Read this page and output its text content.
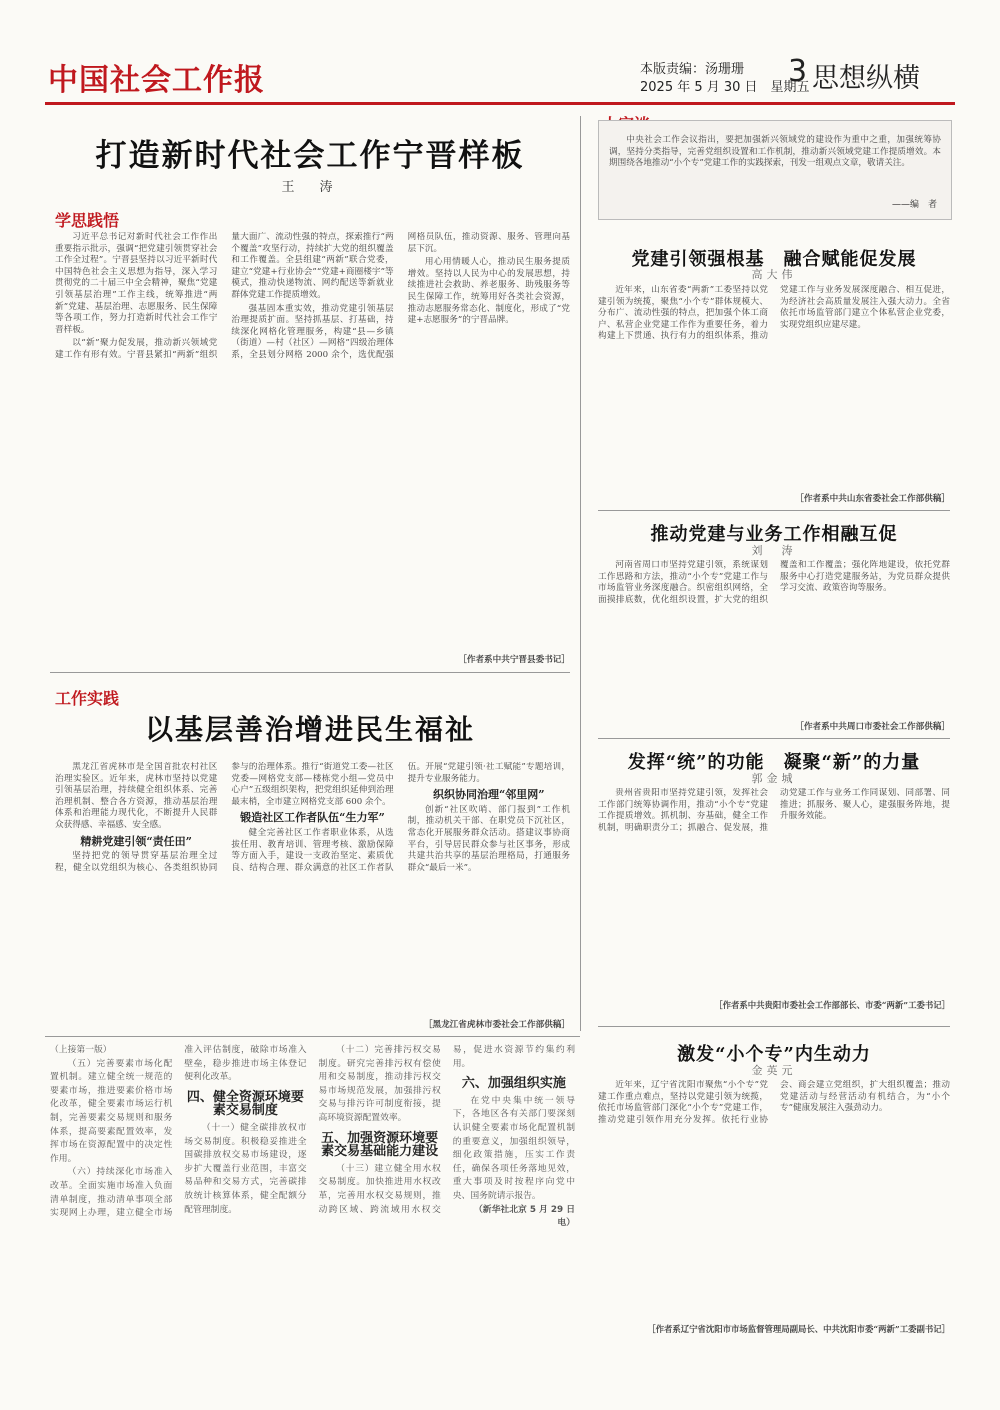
中国社会工作报	本版责编：汤珊珊
2025 年 5 月 30 日　星期五
3 思想纵横
打造新时代社会工作宁晋样板
王　涛
学思践悟

习近平总书记对新时代社会工作作出重要指示批示，强调“把党建引领贯穿社会工作全过程”。宁晋县坚持以习近平新时代中国特色社会主义思想为指导，深入学习贯彻党的二十届三中全会精神，聚焦“党建引领基层治理”工作主线，统筹推进“两新”党建、基层治理、志愿服务、民生保障等各项工作，努力打造新时代社会工作宁晋样板。

以“新”聚力促发展，推动新兴领域党建工作有形有效。宁晋县紧扣“两新”组织量大面广、流动性强的特点，探索推行“两个覆盖”攻坚行动，持续扩大党的组织覆盖和工作覆盖。全县组建“两新”联合党委，建立“党建+行业协会”“党建+商圈楼宇”等模式，推动快递物流、网约配送等新就业群体党建工作提质增效。

强基固本重实效，推动党建引领基层治理提质扩面。坚持抓基层、打基础，持续深化网格化管理服务，构建“县—乡镇（街道）—村（社区）—网格”四级治理体系，全县划分网格 2000 余个，选优配强网格员队伍，推动资源、服务、管理向基层下沉。

用心用情暖人心，推动民生服务提质增效。坚持以人民为中心的发展思想，持续推进社会救助、养老服务、助残服务等民生保障工作，统筹用好各类社会资源，推动志愿服务常态化、制度化，形成了“党建+志愿服务”的宁晋品牌。

［作者系中共宁晋县委书记］
工作实践
以基层善治增进民生福祉

黑龙江省虎林市是全国首批农村社区治理实验区。近年来，虎林市坚持以党建引领基层治理，持续健全组织体系、完善治理机制、整合各方资源，推动基层治理体系和治理能力现代化，不断提升人民群众获得感、幸福感、安全感。

精耕党建引领“责任田”

坚持把党的领导贯穿基层治理全过程，健全以党组织为核心、各类组织协同参与的治理体系。推行“街道党工委—社区党委—网格党支部—楼栋党小组—党员中心户”五级组织架构，把党组织延伸到治理最末梢，全市建立网格党支部 600 余个。

锻造社区工作者队伍“生力军”

健全完善社区工作者职业体系，从选拔任用、教育培训、管理考核、激励保障等方面入手，建设一支政治坚定、素质优良、结构合理、群众满意的社区工作者队伍。开展“党建引领·社工赋能”专题培训，提升专业服务能力。

织织协同治理“邻里网”

创新“社区吹哨、部门报到”工作机制，推动机关干部、在职党员下沉社区，常态化开展服务群众活动。搭建议事协商平台，引导居民群众参与社区事务，形成共建共治共享的基层治理格局，打通服务群众“最后一米”。

［黑龙江省虎林市委社会工作部供稿］

中央社会工作会议指出，要把加强新兴领域党的建设作为重中之重，加强统筹协调，坚持分类指导，完善党组织设置和工作机制，推动新兴领域党建工作提质增效。本期围绕各地推动“小个专”党建工作的实践探索，刊发一组观点文章，敬请关注。

——编　者
党建引领强根基　融合赋能促发展
高大伟

近年来，山东省委“两新”工委坚持以党建引领为统揽，聚焦“小个专”群体规模大、分布广、流动性强的特点，把加强个体工商户、私营企业党建工作作为重要任务，着力构建上下贯通、执行有力的组织体系，推动党建工作与业务发展深度融合、相互促进，为经济社会高质量发展注入强大动力。全省依托市场监管部门建立个体私营企业党委，实现党组织应建尽建。

［作者系中共山东省委社会工作部供稿］
推动党建与业务工作相融互促
刘　涛

河南省周口市坚持党建引领，系统谋划工作思路和方法，推动“小个专”党建工作与市场监管业务深度融合。织密组织网络，全面摸排底数，优化组织设置，扩大党的组织覆盖和工作覆盖；强化阵地建设，依托党群服务中心打造党建服务站，为党员群众提供学习交流、政策咨询等服务。

［作者系中共周口市委社会工作部供稿］
发挥“统”的功能　凝聚“新”的力量
郭金城

贵州省贵阳市坚持党建引领，发挥社会工作部门统筹协调作用，推动“小个专”党建工作提质增效。抓机制、夯基础，健全工作机制，明确职责分工；抓融合、促发展，推动党建工作与业务工作同谋划、同部署、同推进；抓服务、聚人心，建强服务阵地，提升服务效能。

［作者系中共贵阳市委社会工作部部长、市委“两新”工委书记］
激发“小个专”内生动力
金英元

近年来，辽宁省沈阳市聚焦“小个专”党建工作重点难点，坚持以党建引领为统揽，依托市场监管部门深化“小个专”党建工作，推动党建引领作用充分发挥。依托行业协会、商会建立党组织，扩大组织覆盖；推动党建活动与经营活动有机结合，为“小个专”健康发展注入强劲动力。

［作者系辽宁省沈阳市市场监督管理局副局长、中共沈阳市委“两新”工委副书记］

（上接第一版）

（五）完善要素市场化配置机制。建立健全统一规范的要素市场，推进要素价格市场化改革，健全要素市场运行机制，完善要素交易规则和服务体系，提高要素配置效率，发挥市场在资源配置中的决定性作用。

（六）持续深化市场准入改革。全面实施市场准入负面清单制度，推动清单事项全部实现网上办理，建立健全市场准入评估制度，破除市场准入壁垒，稳步推进市场主体登记便利化改革。

四、健全资源环境要素交易制度

（十一）健全碳排放权市场交易制度。积极稳妥推进全国碳排放权交易市场建设，逐步扩大覆盖行业范围，丰富交易品种和交易方式，完善碳排放统计核算体系，健全配额分配管理制度。

（十二）完善排污权交易制度。研究完善排污权有偿使用和交易制度，推动排污权交易市场规范发展，加强排污权交易与排污许可制度衔接，提高环境资源配置效率。

五、加强资源环境要素交易基础能力建设

（十三）建立健全用水权交易制度。加快推进用水权改革，完善用水权交易规则，推动跨区域、跨流域用水权交易，促进水资源节约集约利用。

六、加强组织实施

在党中央集中统一领导下，各地区各有关部门要深刻认识健全要素市场化配置机制的重要意义，加强组织领导，细化政策措施，压实工作责任，确保各项任务落地见效，重大事项及时按程序向党中央、国务院请示报告。

（新华社北京 5 月 29 日电）
